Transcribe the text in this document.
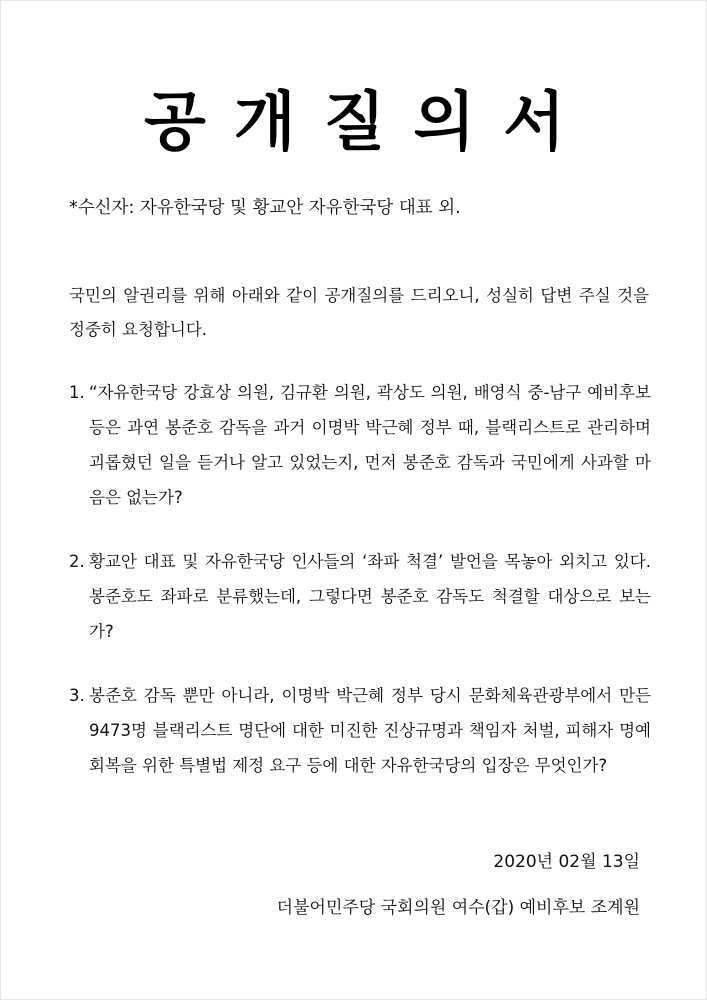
공개질의서
*수신자: 자유한국당 및 황교안 자유한국당 대표 외.
국민의 알권리를 위해 아래와 같이 공개질의를 드리오니, 성실히 답변 주실 것을 정중히 요청합니다.
1. “자유한국당 강효상 의원, 김규환 의원, 곽상도 의원, 배영식 중-남구 예비후보 등은 과연 봉준호 감독을 과거 이명박 박근혜 정부 때, 블랙리스트로 관리하며 괴롭혔던 일을 듣거나 알고 있었는지, 먼저 봉준호 감독과 국민에게 사과할 마음은 없는가?
2. 황교안 대표 및 자유한국당 인사들의 ‘좌파 척결’ 발언을 목놓아 외치고 있다. 봉준호도 좌파로 분류했는데, 그렇다면 봉준호 감독도 척결할 대상으로 보는가?
3. 봉준호 감독 뿐만 아니라, 이명박 박근혜 정부 당시 문화체육관광부에서 만든 9473명 블랙리스트 명단에 대한 미진한 진상규명과 책임자 처벌, 피해자 명예회복을 위한 특별법 제정 요구 등에 대한 자유한국당의 입장은 무엇인가?
2020년 02월 13일
더불어민주당 국회의원 여수(갑) 예비후보 조계원
